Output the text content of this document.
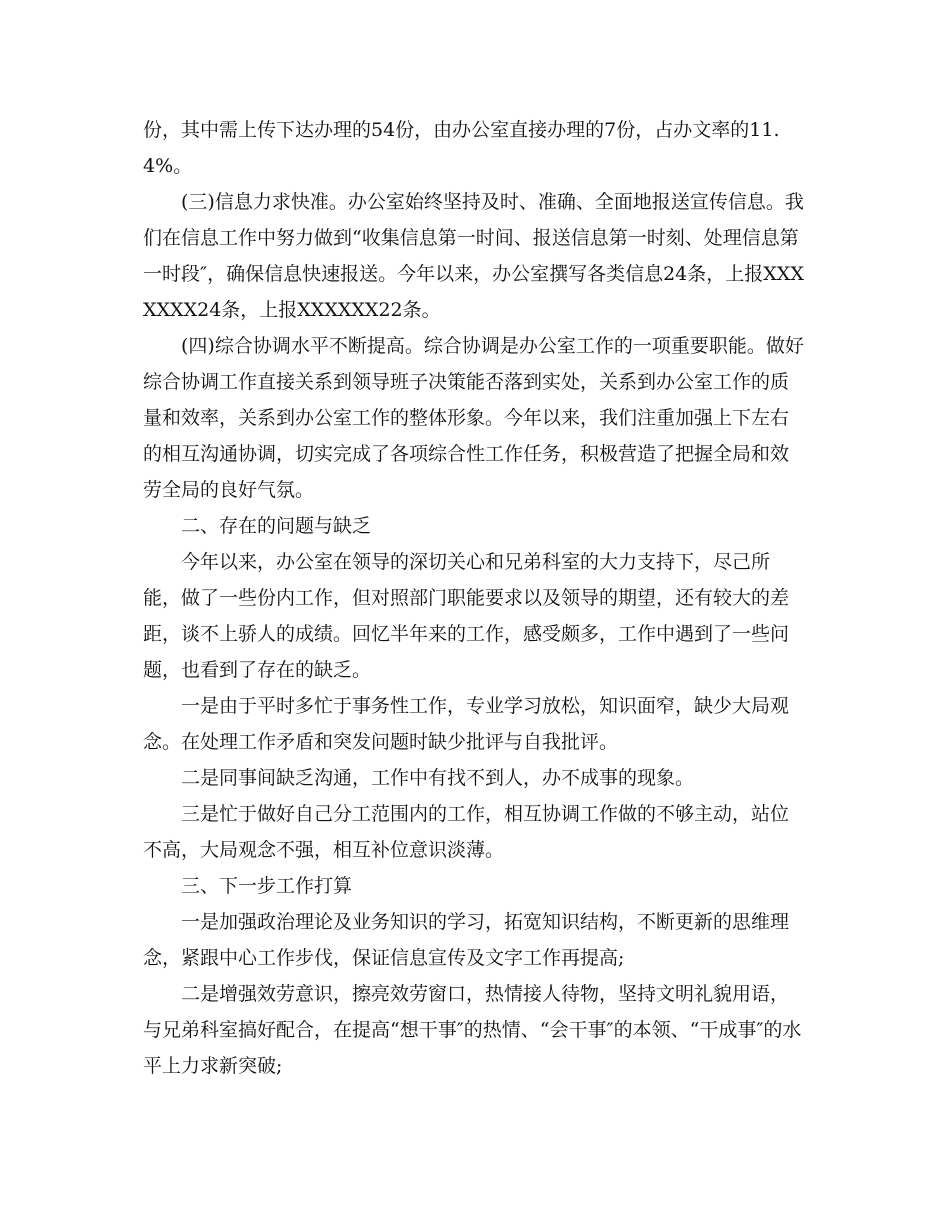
份，其中需上传下达办理的54份，由办公室直接办理的7份，占办文率的11.4%。

(三)信息力求快准。办公室始终坚持及时、准确、全面地报送宣传信息。我们在信息工作中努力做到“收集信息第一时间、报送信息第一时刻、处理信息第一时段″，确保信息快速报送。今年以来，办公室撰写各类信息24条，上报XXXXXXX24条，上报XXXXXX22条。

(四)综合协调水平不断提高。综合协调是办公室工作的一项重要职能。做好综合协调工作直接关系到领导班子决策能否落到实处，关系到办公室工作的质量和效率，关系到办公室工作的整体形象。今年以来，我们注重加强上下左右的相互沟通协调，切实完成了各项综合性工作任务，积极营造了把握全局和效劳全局的良好气氛。

二、存在的问题与缺乏

今年以来，办公室在领导的深切关心和兄弟科室的大力支持下，尽己所能，做了一些份内工作，但对照部门职能要求以及领导的期望，还有较大的差距，谈不上骄人的成绩。回忆半年来的工作，感受颇多，工作中遇到了一些问题，也看到了存在的缺乏。

一是由于平时多忙于事务性工作，专业学习放松，知识面窄，缺少大局观念。在处理工作矛盾和突发问题时缺少批评与自我批评。

二是同事间缺乏沟通，工作中有找不到人，办不成事的现象。

三是忙于做好自己分工范围内的工作，相互协调工作做的不够主动，站位不高，大局观念不强，相互补位意识淡薄。

三、下一步工作打算

一是加强政治理论及业务知识的学习，拓宽知识结构，不断更新的思维理念，紧跟中心工作步伐，保证信息宣传及文字工作再提高;

二是增强效劳意识，擦亮效劳窗口，热情接人待物，坚持文明礼貌用语，与兄弟科室搞好配合，在提高“想干事″的热情、“会干事″的本领、“干成事″的水平上力求新突破;
